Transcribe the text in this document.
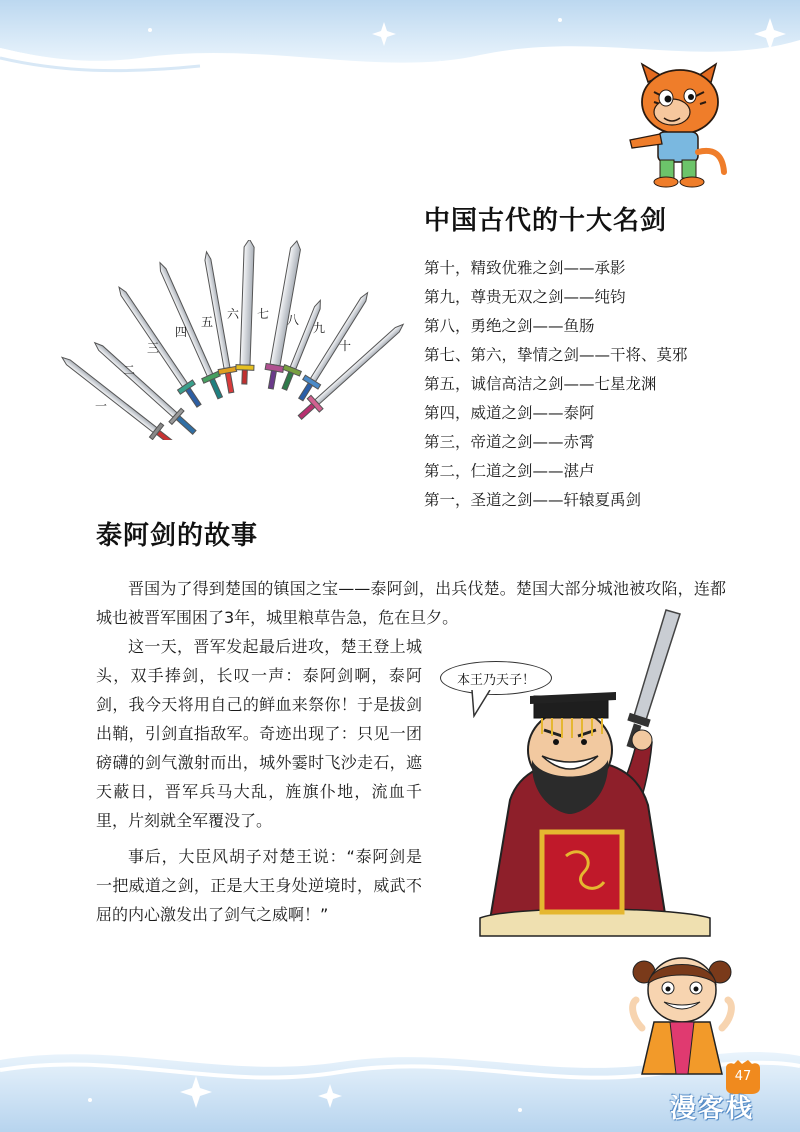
一
二
三
四
五
六 七 八
九
十
中国古代的十大名剑
第十，精致优雅之剑——承影
第九，尊贵无双之剑——纯钧
第八，勇绝之剑——鱼肠
第七、第六，挚情之剑——干将、莫邪
第五，诚信高洁之剑——七星龙渊
第四，威道之剑——泰阿
第三，帝道之剑——赤霄
第二，仁道之剑——湛卢
第一，圣道之剑——轩辕夏禹剑
泰阿剑的故事

晋国为了得到楚国的镇国之宝——泰阿剑，出兵伐楚。楚国大部分城池被攻陷，连都城也被晋军围困了3年，城里粮草告急，危在旦夕。

这一天，晋军发起最后进攻，楚王登上城头，双手捧剑，长叹一声：泰阿剑啊，泰阿剑，我今天将用自己的鲜血来祭你！于是拔剑出鞘，引剑直指敌军。奇迹出现了：只见一团磅礴的剑气激射而出，城外霎时飞沙走石，遮天蔽日，晋军兵马大乱，旌旗仆地，流血千里，片刻就全军覆没了。

事后，大臣风胡子对楚王说：“泰阿剑是一把威道之剑，正是大王身处逆境时，威武不屈的内心激发出了剑气之威啊！”

本王乃天子！
47
漫客栈
